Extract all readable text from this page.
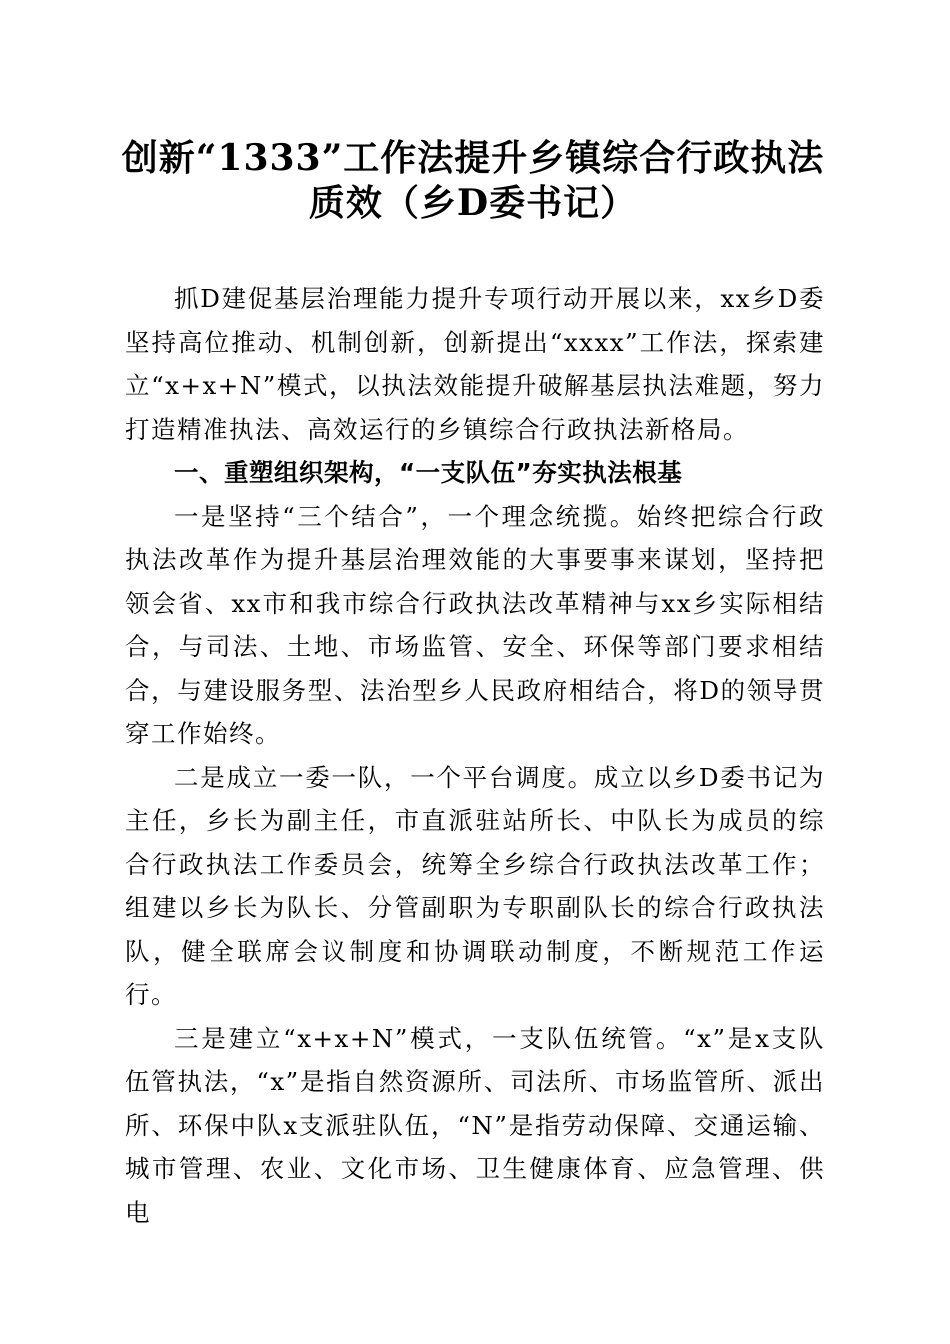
创新“1333”工作法提升乡镇综合行政执法质效（乡D委书记）

抓D建促基层治理能力提升专项行动开展以来，xx乡D委坚持高位推动、机制创新，创新提出“xxxx”工作法，探索建立“x+x+N”模式，以执法效能提升破解基层执法难题，努力打造精准执法、高效运行的乡镇综合行政执法新格局。

一、重塑组织架构，“一支队伍”夯实执法根基

一是坚持“三个结合”，一个理念统揽。始终把综合行政执法改革作为提升基层治理效能的大事要事来谋划，坚持把领会省、xx市和我市综合行政执法改革精神与xx乡实际相结合，与司法、土地、市场监管、安全、环保等部门要求相结合，与建设服务型、法治型乡人民政府相结合，将D的领导贯穿工作始终。

二是成立一委一队，一个平台调度。成立以乡D委书记为主任，乡长为副主任，市直派驻站所长、中队长为成员的综合行政执法工作委员会，统筹全乡综合行政执法改革工作；组建以乡长为队长、分管副职为专职副队长的综合行政执法队，健全联席会议制度和协调联动制度，不断规范工作运行。

三是建立“x+x+N”模式，一支队伍统管。“x”是x支队伍管执法，“x”是指自然资源所、司法所、市场监管所、派出所、环保中队x支派驻队伍，“N”是指劳动保障、交通运输、城市管理、农业、文化市场、卫生健康体育、应急管理、供电
